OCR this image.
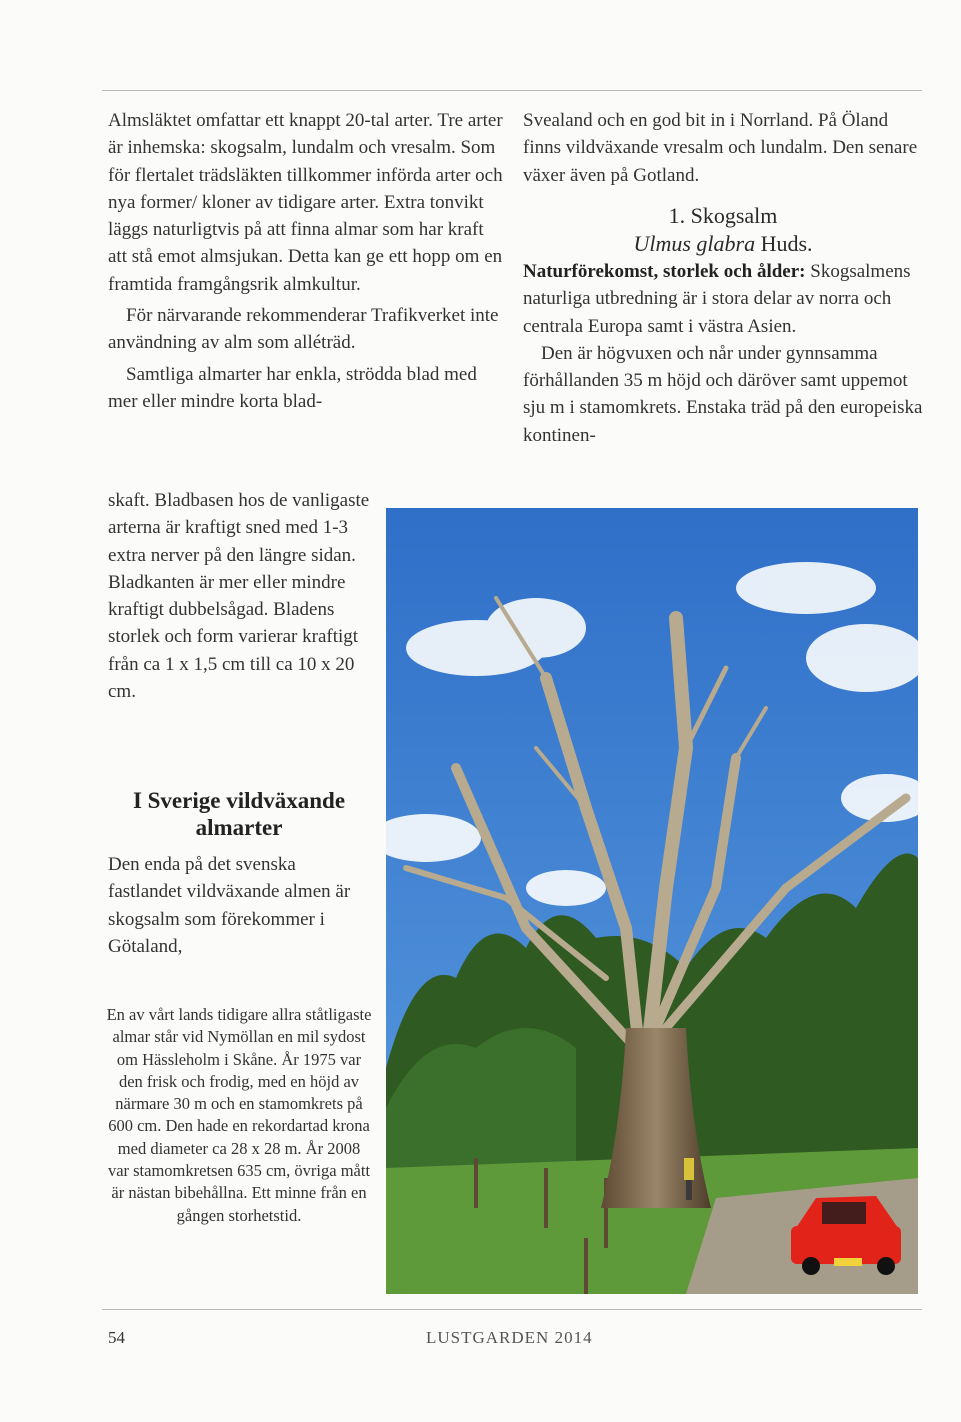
Almsläktet omfattar ett knappt 20-tal arter. Tre arter är inhemska: skogsalm, lundalm och vresalm. Som för flertalet trädsläkten tillkommer införda arter och nya former/ kloner av tidigare arter. Extra tonvikt läggs naturligtvis på att finna almar som har kraft att stå emot almsjukan. Detta kan ge ett hopp om en framtida framgångsrik almkultur.

För närvarande rekommenderar Trafikverket inte användning av alm som alléträd.

Samtliga almarter har enkla, strödda blad med mer eller mindre korta blad-

skaft. Bladbasen hos de vanligaste arterna är kraftigt sned med 1-3 extra nerver på den längre sidan. Bladkanten är mer eller mindre kraftigt dubbelsågad. Bladens storlek och form varierar kraftigt från ca 1 x 1,5 cm till ca 10 x 20 cm.

I Sverige vildväxande almarter

Den enda på det svenska fastlandet vildväxande almen är skogsalm som förekommer i Götaland,

En av vårt lands tidigare allra ståtligaste almar står vid Nymöllan en mil sydost om Hässleholm i Skåne. År 1975 var den frisk och frodig, med en höjd av närmare 30 m och en stamomkrets på 600 cm. Den hade en rekordartad krona med diameter ca 28 x 28 m. År 2008 var stamomkretsen 635 cm, övriga mått är nästan bibehållna. Ett minne från en gången storhetstid.

Svealand och en god bit in i Norrland. På Öland finns vildväxande vresalm och lundalm. Den senare växer även på Gotland.

1. Skogsalm
Ulmus glabra Huds.

Naturförekomst, storlek och ålder: Skogsalmens naturliga utbredning är i stora delar av norra och centrala Europa samt i västra Asien.

Den är högvuxen och når under gynnsamma förhållanden 35 m höjd och däröver samt uppemot sju m i stamomkrets. Enstaka träd på den europeiska kontinen-

54	LUSTGARDEN 2014
